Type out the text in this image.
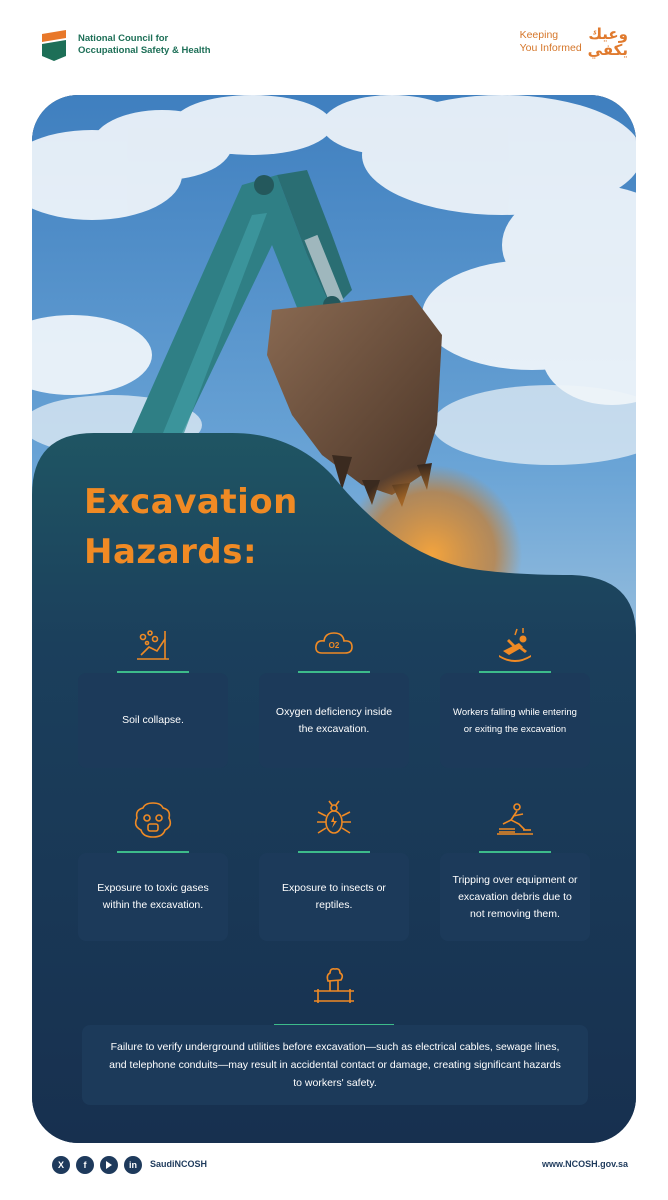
National Council for
Occupational Safety & Health
Keeping
You Informed
وعيك
يكفي
Excavation
Hazards:
Soil collapse.
O2
Oxygen deficiency inside the excavation.
Workers falling while entering or exiting the excavation
Exposure to toxic gases within the excavation.
Exposure to insects or reptiles.
Tripping over equipment or excavation debris due to not removing them.
Failure to verify underground utilities before excavation—such as electrical cables, sewage lines, and telephone conduits—may result in accidental contact or damage, creating significant hazards to workers' safety.
X	f	in	SaudiNCOSH	www.NCOSH.gov.sa
